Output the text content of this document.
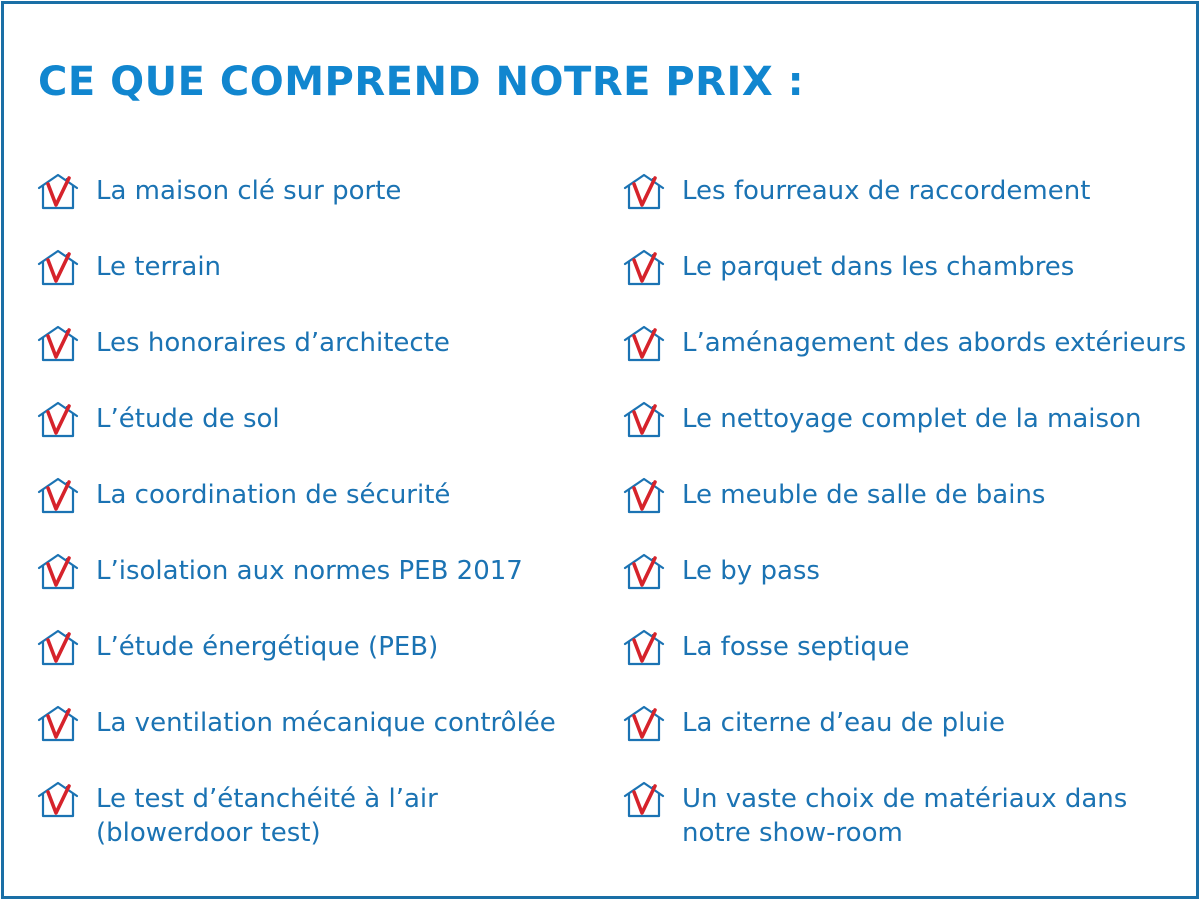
CE QUE COMPREND NOTRE PRIX :
La maison clé sur porte
Le terrain
Les honoraires d’architecte
L’étude de sol
La coordination de sécurité
L’isolation aux normes PEB 2017
L’étude énergétique (PEB)
La ventilation mécanique contrôlée
Le test d’étanchéité à l’air
(blowerdoor test)
Les fourreaux de raccordement
Le parquet dans les chambres
L’aménagement des abords extérieurs
Le nettoyage complet de la maison
Le meuble de salle de bains
Le by pass
La fosse septique
La citerne d’eau de pluie
Un vaste choix de matériaux dans
notre show-room
